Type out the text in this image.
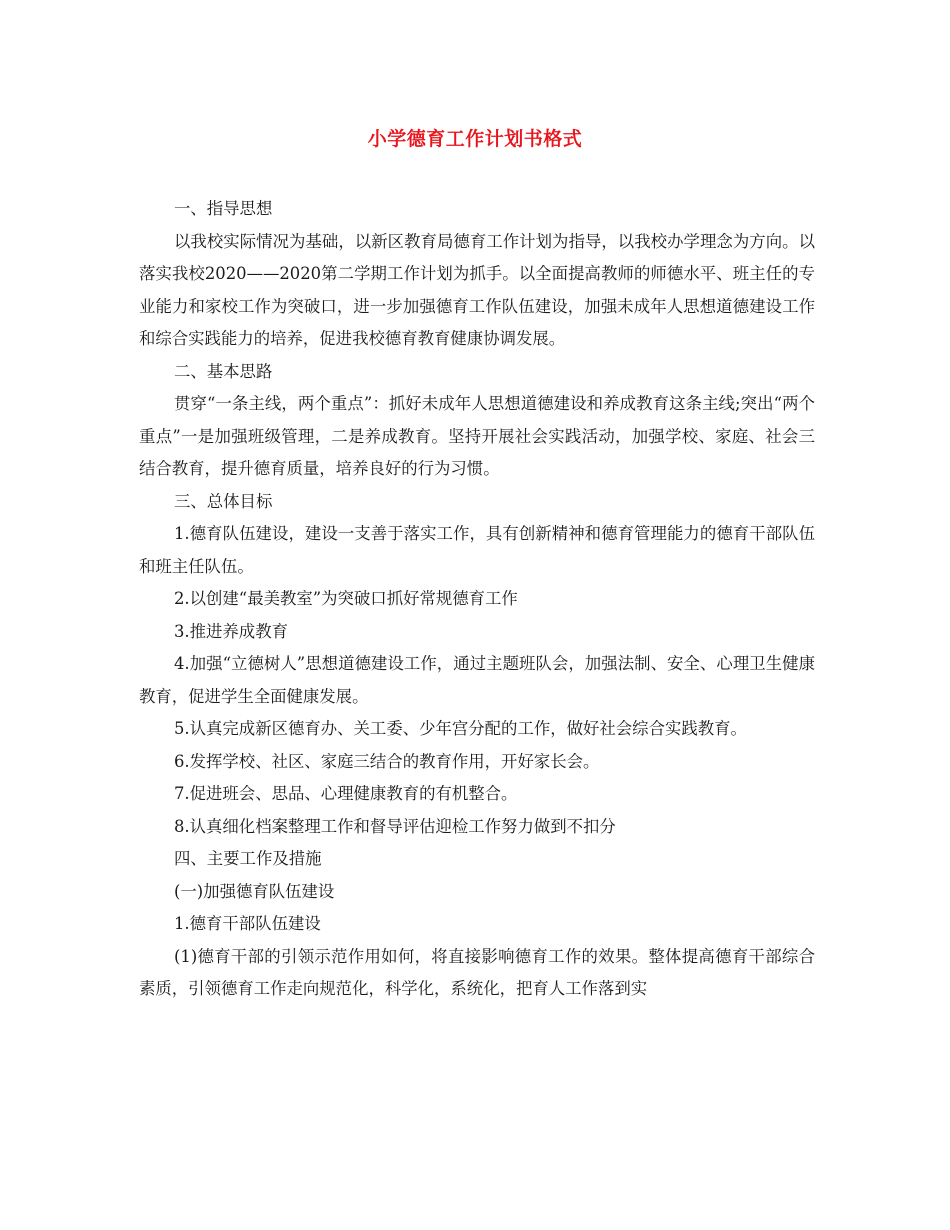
小学德育工作计划书格式

一、指导思想

以我校实际情况为基础，以新区教育局德育工作计划为指导，以我校办学理念为方向。以落实我校2020——2020第二学期工作计划为抓手。以全面提高教师的师德水平、班主任的专业能力和家校工作为突破口，进一步加强德育工作队伍建设，加强未成年人思想道德建设工作和综合实践能力的培养，促进我校德育教育健康协调发展。

二、基本思路

贯穿“一条主线，两个重点”：抓好未成年人思想道德建设和养成教育这条主线;突出“两个重点”一是加强班级管理，二是养成教育。坚持开展社会实践活动，加强学校、家庭、社会三结合教育，提升德育质量，培养良好的行为习惯。

三、总体目标

1.德育队伍建设，建设一支善于落实工作，具有创新精神和德育管理能力的德育干部队伍和班主任队伍。

2.以创建“最美教室”为突破口抓好常规德育工作

3.推进养成教育

4.加强“立德树人”思想道德建设工作，通过主题班队会，加强法制、安全、心理卫生健康教育，促进学生全面健康发展。

5.认真完成新区德育办、关工委、少年宫分配的工作，做好社会综合实践教育。

6.发挥学校、社区、家庭三结合的教育作用，开好家长会。

7.促进班会、思品、心理健康教育的有机整合。

8.认真细化档案整理工作和督导评估迎检工作努力做到不扣分

四、主要工作及措施

(一)加强德育队伍建设

1.德育干部队伍建设

(1)德育干部的引领示范作用如何，将直接影响德育工作的效果。整体提高德育干部综合素质，引领德育工作走向规范化，科学化，系统化，把育人工作落到实
